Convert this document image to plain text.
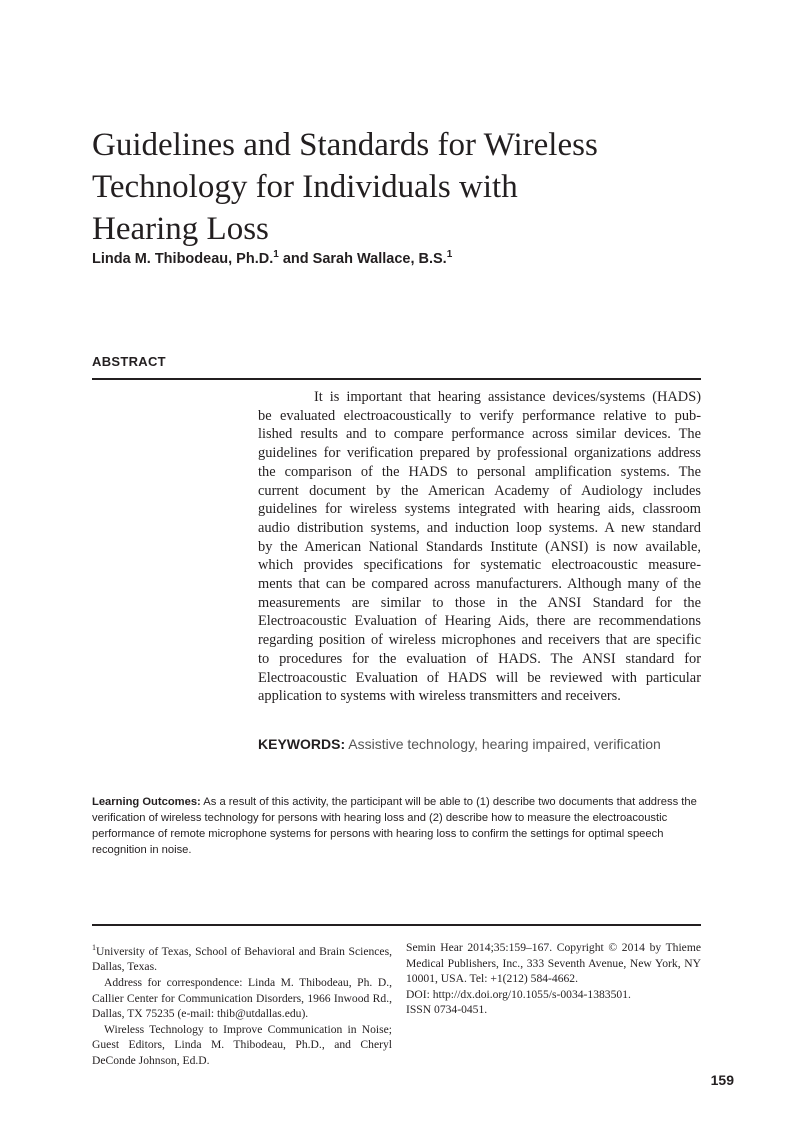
Guidelines and Standards for Wireless
Technology for Individuals with
Hearing Loss
Linda M. Thibodeau, Ph.D.$^1$ and Sarah Wallace, B.S.$^1$
ABSTRACT
It is important that hearing assistance devices/systems (HADS)
be evaluated electroacoustically to verify performance relative to pub-
lished results and to compare performance across similar devices. The
guidelines for verification prepared by professional organizations address
the comparison of the HADS to personal amplification systems. The
current document by the American Academy of Audiology includes
guidelines for wireless systems integrated with hearing aids, classroom
audio distribution systems, and induction loop systems. A new standard
by the American National Standards Institute (ANSI) is now available,
which provides specifications for systematic electroacoustic measure-
ments that can be compared across manufacturers. Although many of the
measurements are similar to those in the ANSI Standard for the
Electroacoustic Evaluation of Hearing Aids, there are recommendations
regarding position of wireless microphones and receivers that are specific
to procedures for the evaluation of HADS. The ANSI standard for
Electroacoustic Evaluation of HADS will be reviewed with particular
application to systems with wireless transmitters and receivers.
KEYWORDS: Assistive technology, hearing impaired, verification
Learning Outcomes: As a result of this activity, the participant will be able to (1) describe two documents that address the verification of wireless technology for persons with hearing loss and (2) describe how to measure the electroacoustic performance of remote microphone systems for persons with hearing loss to confirm the settings for optimal speech recognition in noise.

$^1$University of Texas, School of Behavioral and Brain Sciences, Dallas, Texas.

Address for correspondence: Linda M. Thibodeau, Ph. D., Callier Center for Communication Disorders, 1966 Inwood Rd., Dallas, TX 75235 (e-mail: thib@utdallas.edu).

Wireless Technology to Improve Communication in Noise; Guest Editors, Linda M. Thibodeau, Ph.D., and Cheryl DeConde Johnson, Ed.D.

Semin Hear 2014;35:159–167. Copyright © 2014 by Thieme Medical Publishers, Inc., 333 Seventh Avenue, New York, NY 10001, USA. Tel: +1(212) 584-4662.

DOI: http://dx.doi.org/10.1055/s-0034-1383501.

ISSN 0734-0451.

159
